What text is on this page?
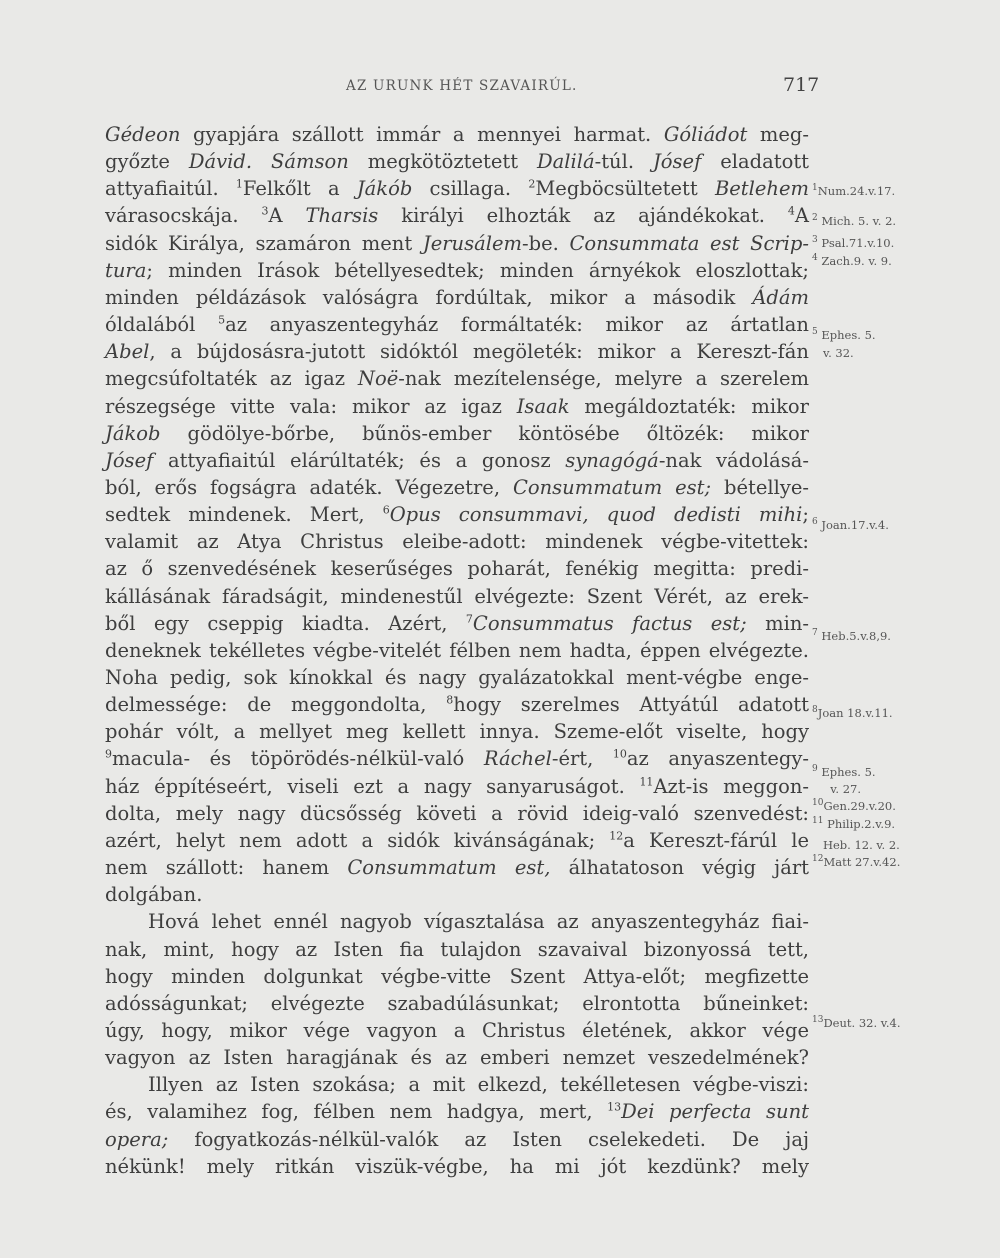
AZ URUNK HÉT SZAVAIRÚL.	717
Gédeon gyapjára szállott immár a mennyei harmat. Góliádot meg-
győzte Dávid. Sámson megkötöztetett Dalilá-túl. Jósef eladatott
attyafiaitúl. $^1$Felkőlt a Jákób csillaga. $^2$Megböcsültetett Betlehem
várasocskája. $^3$A Tharsis királyi elhozták az ajándékokat. $^4$A
sidók Királya, szamáron ment Jerusálem-be. Consummata est Scrip-
tura; minden Irások bétellyesedtek; minden árnyékok eloszlottak;
minden példázások valóságra fordúltak, mikor a második Ádám
óldalából $^5$az anyaszentegyház formáltaték: mikor az ártatlan
Abel, a bújdosásra-jutott sidóktól megöleték: mikor a Kereszt-fán
megcsúfoltaték az igaz Noë-nak mezítelensége, melyre a szerelem
részegsége vitte vala: mikor az igaz Isaak megáldoztaték: mikor
Jákob gödölye-bőrbe, bűnös-ember köntösébe őltözék: mikor
Jósef attyafiaitúl elárúltaték; és a gonosz synagógá-nak vádolásá-
ból, erős fogságra adaték. Végezetre, Consummatum est; bétellye-
sedtek mindenek. Mert, $^6$Opus consummavi, quod dedisti mihi;
valamit az Atya Christus eleibe-adott: mindenek végbe-vitettek:
az ő szenvedésének keserűséges poharát, fenékig megitta: predi-
kállásának fáradságit, mindenestűl elvégezte: Szent Vérét, az erek-
ből egy cseppig kiadta. Azért, $^7$Consummatus factus est; min-
deneknek tekélletes végbe-vitelét félben nem hadta, éppen elvégezte.
Noha pedig, sok kínokkal és nagy gyalázatokkal ment-végbe enge-
delmessége: de meggondolta, $^8$hogy szerelmes Attyátúl adatott
pohár vólt, a mellyet meg kellett innya. Szeme-előt viselte, hogy
$^9$macula- és töpörödés-nélkül-való Ráchel-ért, $^{10}$az anyaszentegy-
ház éppítéseért, viseli ezt a nagy sanyaruságot. $^{11}$Azt-is meggon-
dolta, mely nagy dücsősség követi a rövid ideig-való szenvedést:
azért, helyt nem adott a sidók kivánságának; $^{12}$a Kereszt-fárúl le
nem szállott: hanem Consummatum est, álhatatoson végig járt
dolgában.
Hová lehet ennél nagyob vígasztalása az anyaszentegyház fiai-
nak, mint, hogy az Isten fia tulajdon szavaival bizonyossá tett,
hogy minden dolgunkat végbe-vitte Szent Attya-előt; megfizette
adósságunkat; elvégezte szabadúlásunkat; elrontotta bűneinket:
úgy, hogy, mikor vége vagyon a Christus életének, akkor vége
vagyon az Isten haragjának és az emberi nemzet veszedelmének?
Illyen az Isten szokása; a mit elkezd, tekélletesen végbe-viszi:
és, valamihez fog, félben nem hadgya, mert, $^{13}$Dei perfecta sunt
opera; fogyatkozás-nélkül-valók az Isten cselekedeti. De jaj
nékünk! mely ritkán viszük-végbe, ha mi jót kezdünk? mely
$^1$Num.24.v.17.
$^2$ Mich. 5. v. 2.
$^3$ Psal.71.v.10.
$^4$ Zach.9. v. 9.
$^5$ Ephes. 5.
v. 32.
$^6$ Joan.17.v.4.
$^7$ Heb.5.v.8,9.
$^8$Joan 18.v.11.
$^9$ Ephes. 5.
v. 27.
$^{10}$Gen.29.v.20.
$^{11}$ Philip.2.v.9.
Heb. 12. v. 2.
$^{12}$Matt 27.v.42.
$^{13}$Deut. 32. v.4.
